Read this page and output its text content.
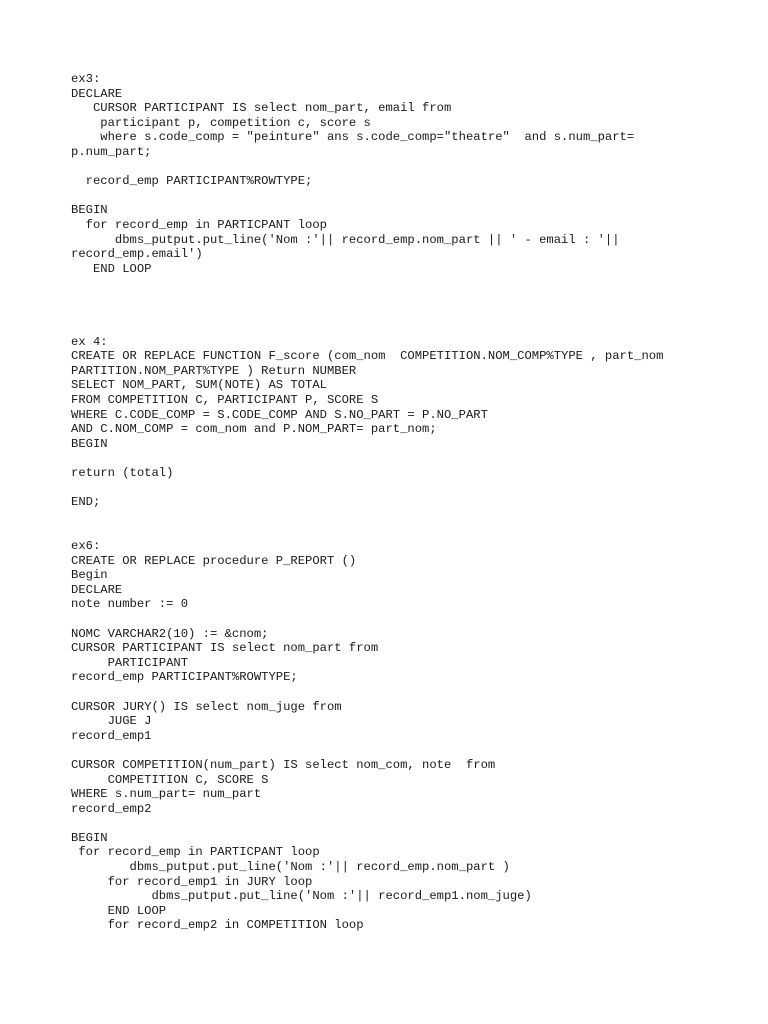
ex3:
DECLARE
CURSOR PARTICIPANT IS select nom_part, email from
participant p, competition c, score s
where s.code_comp = "peinture" ans s.code_comp="theatre"  and s.num_part=
p.num_part;
record_emp PARTICIPANT%ROWTYPE;
BEGIN
for record_emp in PARTICPANT loop
dbms_putput.put_line('Nom :'|| record_emp.nom_part || ' - email : '||
record_emp.email')
END LOOP
ex 4:
CREATE OR REPLACE FUNCTION F_score (com_nom  COMPETITION.NOM_COMP%TYPE , part_nom
PARTITION.NOM_PART%TYPE ) Return NUMBER
SELECT NOM_PART, SUM(NOTE) AS TOTAL
FROM COMPETITION C, PARTICIPANT P, SCORE S
WHERE C.CODE_COMP = S.CODE_COMP AND S.NO_PART = P.NO_PART
AND C.NOM_COMP = com_nom and P.NOM_PART= part_nom;
BEGIN
return (total)
END;
ex6:
CREATE OR REPLACE procedure P_REPORT ()
Begin
DECLARE
note number := 0
NOMC VARCHAR2(10) := &cnom;
CURSOR PARTICIPANT IS select nom_part from
PARTICIPANT
record_emp PARTICIPANT%ROWTYPE;
CURSOR JURY() IS select nom_juge from
JUGE J
record_emp1
CURSOR COMPETITION(num_part) IS select nom_com, note  from
COMPETITION C, SCORE S
WHERE s.num_part= num_part
record_emp2
BEGIN
for record_emp in PARTICPANT loop
dbms_putput.put_line('Nom :'|| record_emp.nom_part )
for record_emp1 in JURY loop
dbms_putput.put_line('Nom :'|| record_emp1.nom_juge)
END LOOP
for record_emp2 in COMPETITION loop
